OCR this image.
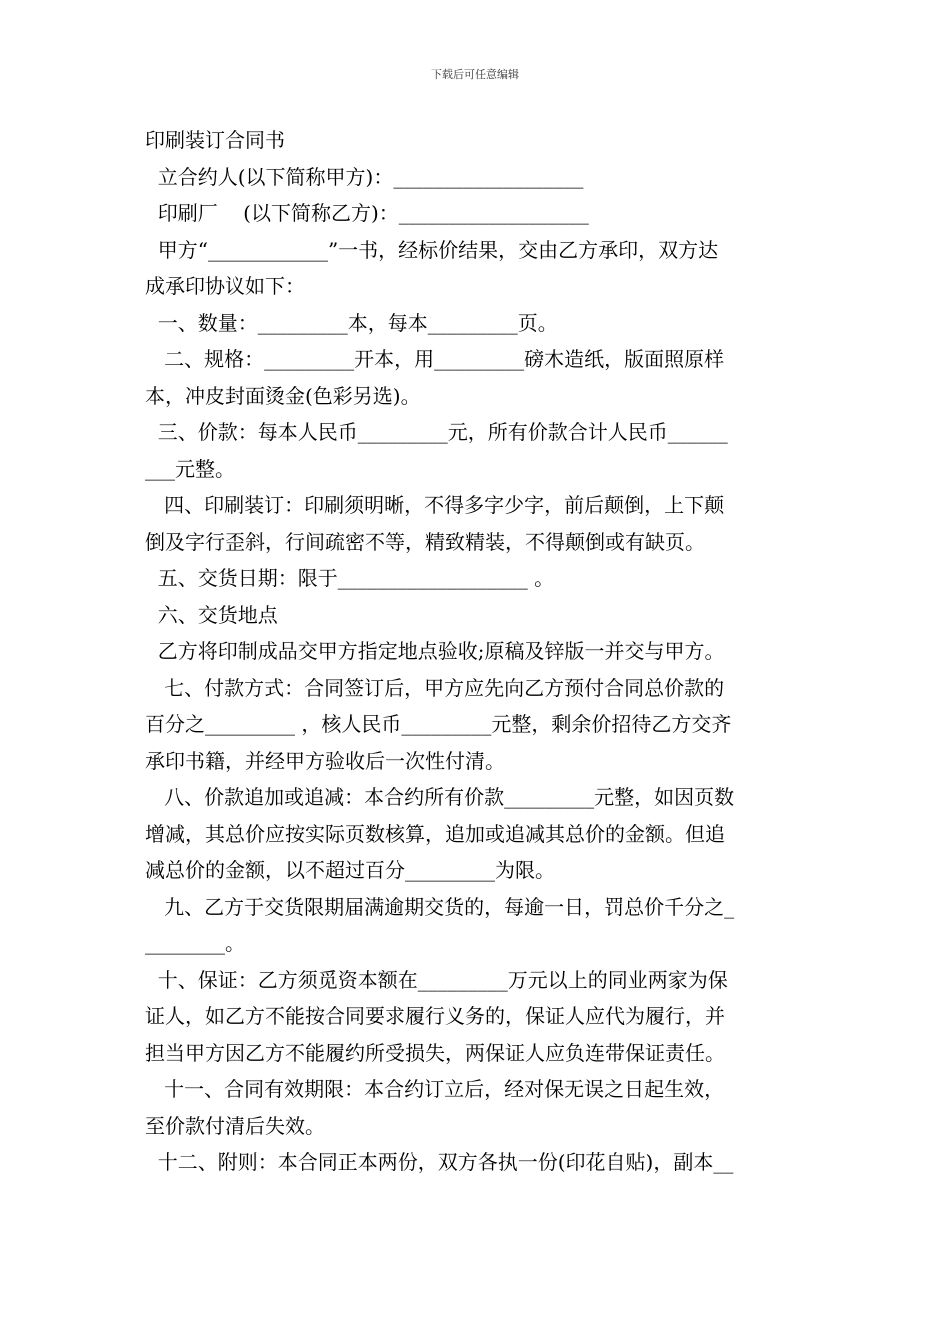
下载后可任意编辑
印刷装订合同书
立合约人(以下简称甲方)：___________________
印刷厂    (以下简称乙方)：___________________
甲方“____________”一书，经标价结果，交由乙方承印，双方达
成承印协议如下：
一、数量：_________本，每本_________页。
二、规格：_________开本，用_________磅木造纸，版面照原样
本，冲皮封面烫金(色彩另选)。
三、价款：每本人民币_________元，所有价款合计人民币______
___元整。
四、印刷装订：印刷须明晰，不得多字少字，前后颠倒，上下颠
倒及字行歪斜，行间疏密不等，精致精装，不得颠倒或有缺页。
五、交货日期：限于___________________ 。
六、交货地点
乙方将印制成品交甲方指定地点验收;原稿及锌版一并交与甲方。
七、付款方式：合同签订后，甲方应先向乙方预付合同总价款的
百分之_________ ，核人民币_________元整，剩余价招待乙方交齐
承印书籍，并经甲方验收后一次性付清。
八、价款追加或追减：本合约所有价款_________元整，如因页数
增减，其总价应按实际页数核算，追加或追减其总价的金额。但追
减总价的金额，以不超过百分_________为限。
九、乙方于交货限期届满逾期交货的，每逾一日，罚总价千分之_
________。
十、保证：乙方须觅资本额在_________万元以上的同业两家为保
证人，如乙方不能按合同要求履行义务的，保证人应代为履行，并
担当甲方因乙方不能履约所受损失，两保证人应负连带保证责任。
十一、合同有效期限：本合约订立后，经对保无误之日起生效，
至价款付清后失效。
十二、附则：本合同正本两份，双方各执一份(印花自贴)，副本__
